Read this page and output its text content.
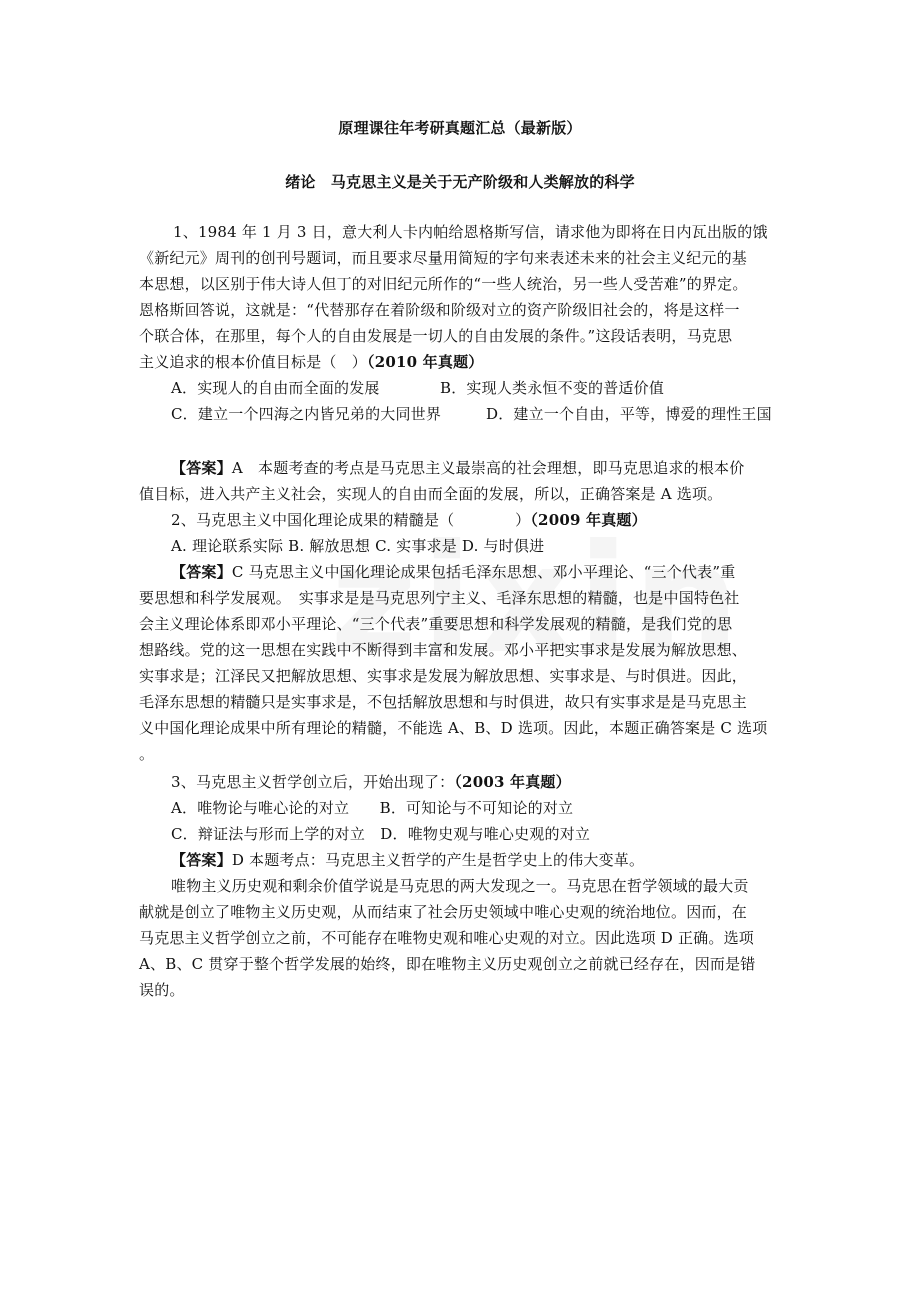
原理课往年考研真题汇总（最新版）
绪论　马克思主义是关于无产阶级和人类解放的科学
1、1984 年 1 月 3 日，意大利人卡内帕给恩格斯写信，请求他为即将在日内瓦出版的饿
《新纪元》周刊的创刊号题词，而且要求尽量用简短的字句来表述未来的社会主义纪元的基
本思想，以区别于伟大诗人但丁的对旧纪元所作的“一些人统治，另一些人受苦难”的界定。
恩格斯回答说，这就是：“代替那存在着阶级和阶级对立的资产阶级旧社会的，将是这样一
个联合体，在那里，每个人的自由发展是一切人的自由发展的条件。”这段话表明，马克思
主义追求的根本价值目标是（　）（2010 年真题）
A．实现人的自由而全面的发展	B．实现人类永恒不变的普适价值
C．建立一个四海之内皆兄弟的大同世界	D．建立一个自由，平等，博爱的理性王国
【答案】A　本题考查的考点是马克思主义最崇高的社会理想，即马克思追求的根本价
值目标，进入共产主义社会，实现人的自由而全面的发展，所以，正确答案是 A 选项。
2、马克思主义中国化理论成果的精髓是（　　　　）（2009 年真题）
A. 理论联系实际 B. 解放思想 C. 实事求是 D. 与时俱进
【答案】C 马克思主义中国化理论成果包括毛泽东思想、邓小平理论、“三个代表”重
要思想和科学发展观。　实事求是是马克思列宁主义、毛泽东思想的精髓，也是中国特色社
会主义理论体系即邓小平理论、“三个代表”重要思想和科学发展观的精髓，是我们党的思
想路线。党的这一思想在实践中不断得到丰富和发展。邓小平把实事求是发展为解放思想、
实事求是；江泽民又把解放思想、实事求是发展为解放思想、实事求是、与时俱进。因此，
毛泽东思想的精髓只是实事求是，不包括解放思想和与时俱进，故只有实事求是是马克思主
义中国化理论成果中所有理论的精髓，不能选 A、B、D 选项。因此，本题正确答案是 C 选项
。
3、马克思主义哲学创立后，开始出现了：（2003 年真题）
A．唯物论与唯心论的对立　　B．可知论与不可知论的对立
C．辩证法与形而上学的对立　D．唯物史观与唯心史观的对立
【答案】D 本题考点：马克思主义哲学的产生是哲学史上的伟大变革。
唯物主义历史观和剩余价值学说是马克思的两大发现之一。马克思在哲学领域的最大贡
献就是创立了唯物主义历史观，从而结束了社会历史领域中唯心史观的统治地位。因而，在
马克思主义哲学创立之前，不可能存在唯物史观和唯心史观的对立。因此选项 D 正确。选项
A、B、C 贯穿于整个哲学发展的始终，即在唯物主义历史观创立之前就已经存在，因而是错
误的。
